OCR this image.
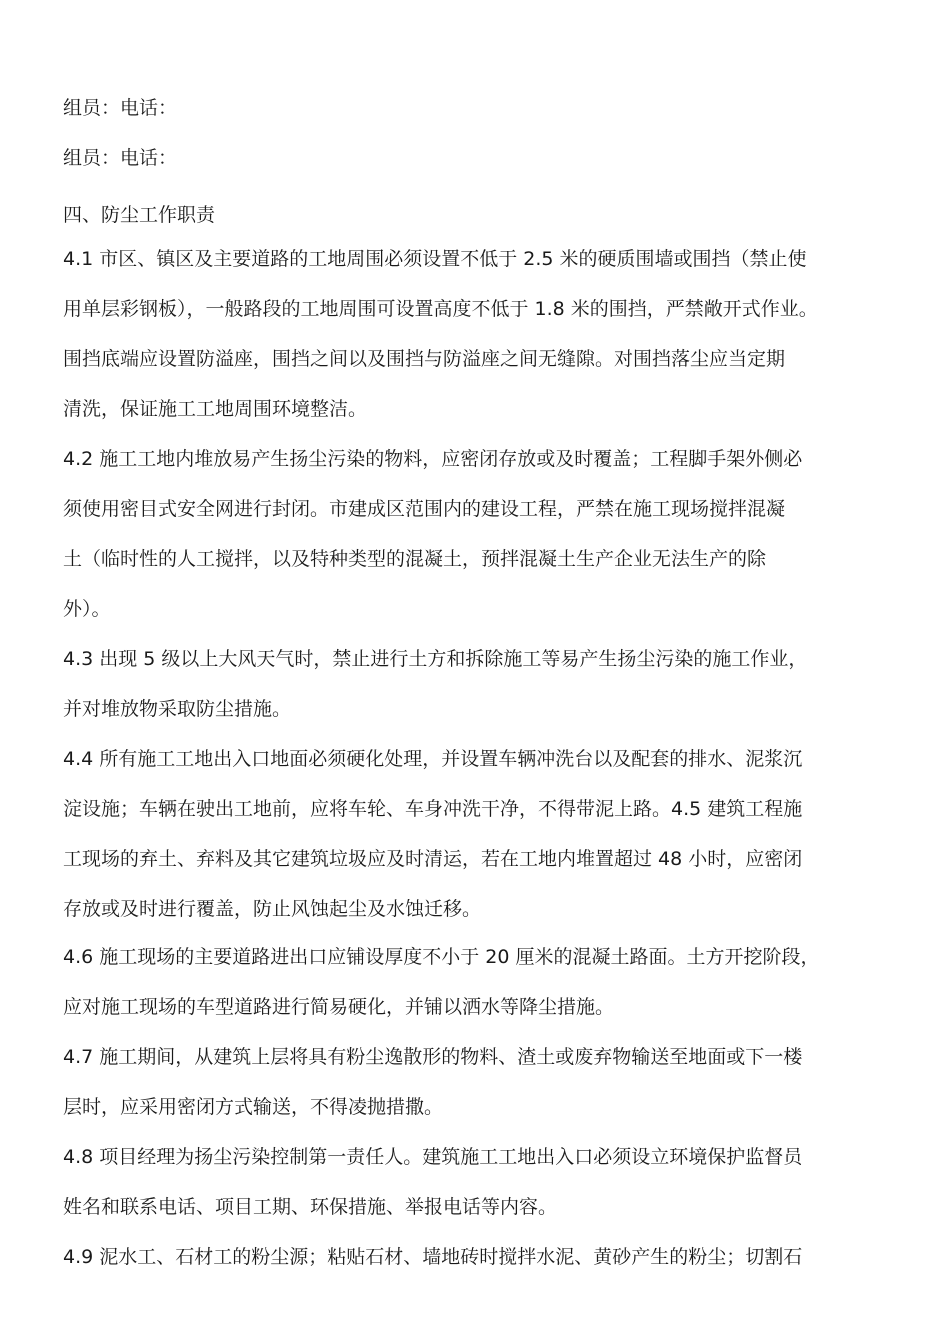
组员：电话：
组员：电话：
四、防尘工作职责
4.1 市区、镇区及主要道路的工地周围必须设置不低于 2.5 米的硬质围墙或围挡（禁止使
用单层彩钢板），一般路段的工地周围可设置高度不低于 1.8 米的围挡，严禁敞开式作业。
围挡底端应设置防溢座，围挡之间以及围挡与防溢座之间无缝隙。对围挡落尘应当定期
清洗，保证施工工地周围环境整洁。
4.2 施工工地内堆放易产生扬尘污染的物料，应密闭存放或及时覆盖；工程脚手架外侧必
须使用密目式安全网进行封闭。市建成区范围内的建设工程，严禁在施工现场搅拌混凝
土（临时性的人工搅拌，以及特种类型的混凝土，预拌混凝土生产企业无法生产的除
外）。
4.3 出现 5 级以上大风天气时，禁止进行土方和拆除施工等易产生扬尘污染的施工作业，
并对堆放物采取防尘措施。
4.4 所有施工工地出入口地面必须硬化处理，并设置车辆冲洗台以及配套的排水、泥浆沉
淀设施；车辆在驶出工地前，应将车轮、车身冲洗干净，不得带泥上路。4.5 建筑工程施
工现场的弃土、弃料及其它建筑垃圾应及时清运，若在工地内堆置超过 48 小时，应密闭
存放或及时进行覆盖，防止风蚀起尘及水蚀迁移。
4.6 施工现场的主要道路进出口应铺设厚度不小于 20 厘米的混凝土路面。土方开挖阶段，
应对施工现场的车型道路进行简易硬化，并铺以洒水等降尘措施。
4.7 施工期间，从建筑上层将具有粉尘逸散形的物料、渣土或废弃物输送至地面或下一楼
层时，应采用密闭方式输送，不得凌抛措撒。
4.8 项目经理为扬尘污染控制第一责任人。建筑施工工地出入口必须设立环境保护监督员
姓名和联系电话、项目工期、环保措施、举报电话等内容。
4.9 泥水工、石材工的粉尘源；粘贴石材、墙地砖时搅拌水泥、黄砂产生的粉尘；切割石
